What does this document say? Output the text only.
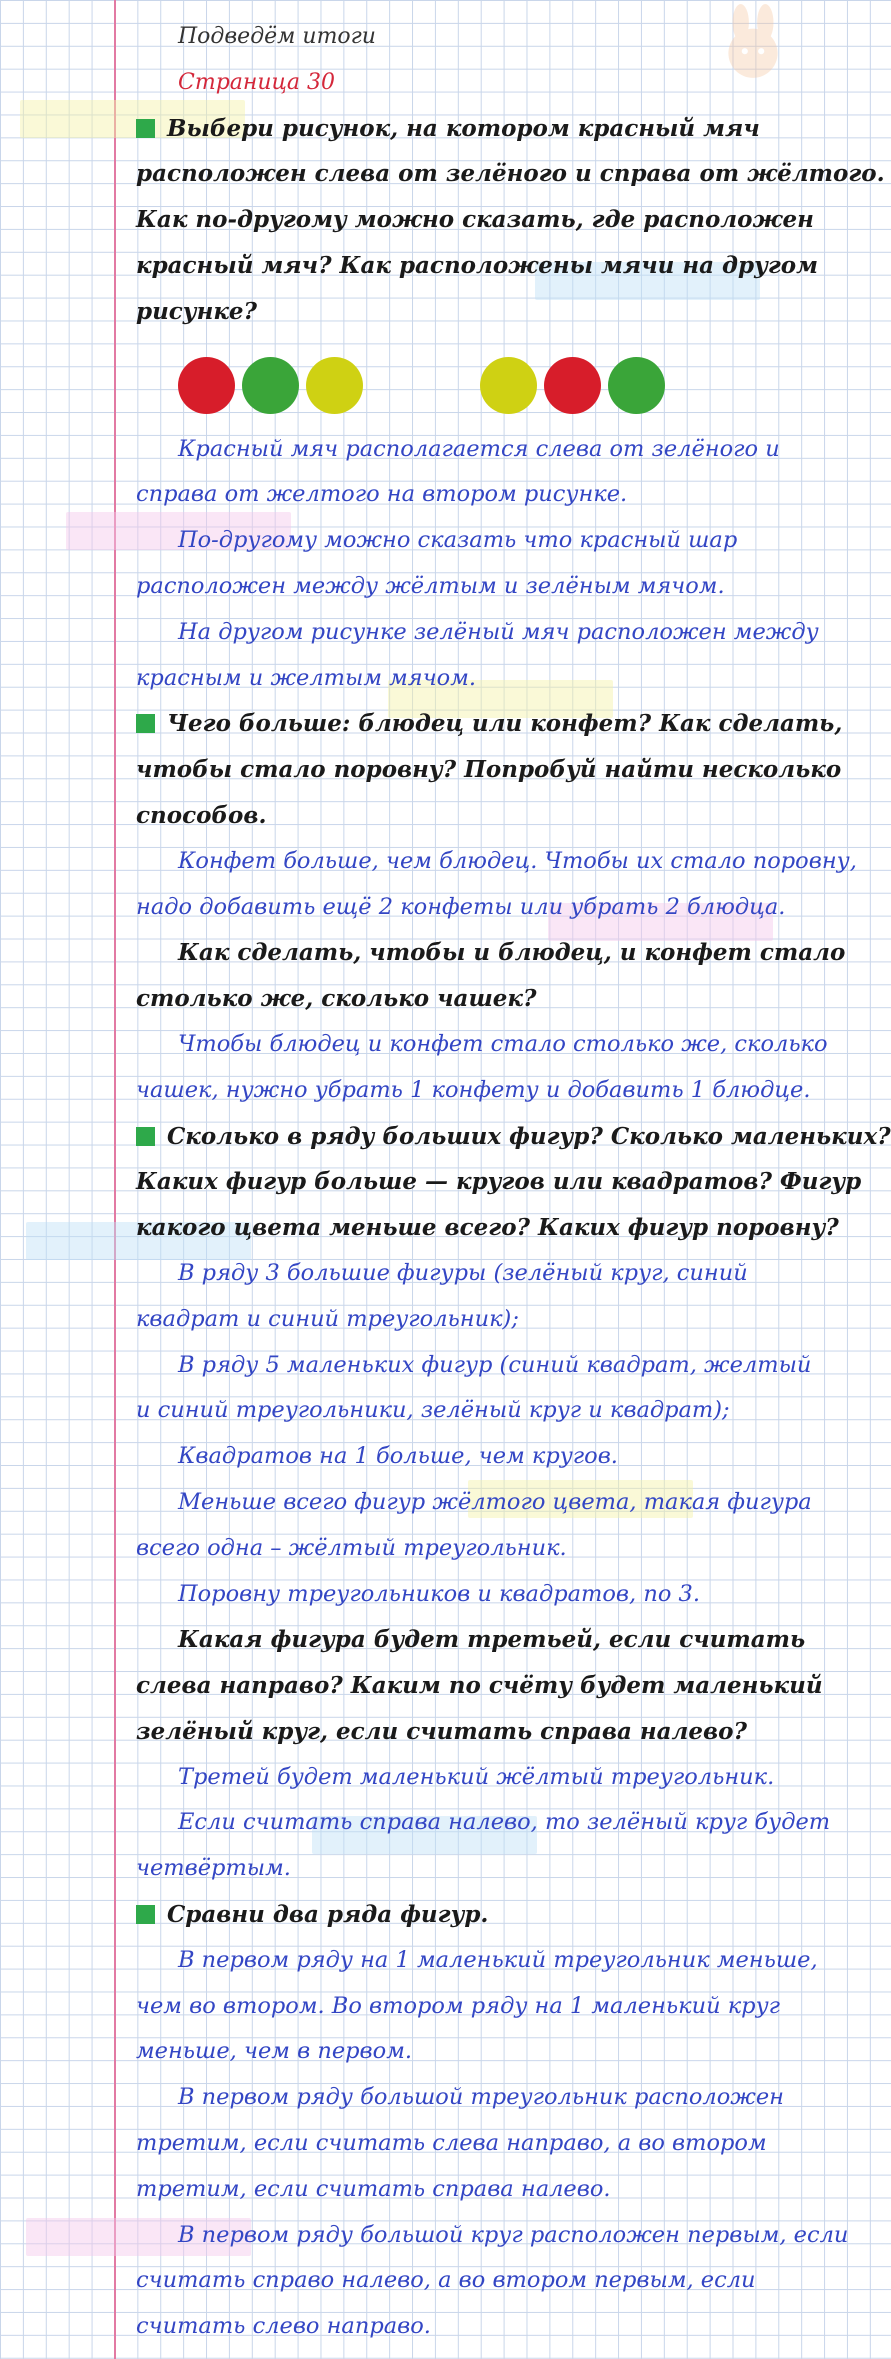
Подведём итоги

Страница 30

Выбери рисунок, на котором красный мяч

расположен слева от зелёного и справа от жёлтого.

Как по-другому можно сказать, где расположен

красный мяч? Как расположены мячи на другом

рисунке?

Красный мяч располагается слева от зелёного и

справа от желтого на втором рисунке.

По-другому можно сказать что красный шар

расположен между жёлтым и зелёным мячом.

На другом рисунке зелёный мяч расположен между

красным и желтым мячом.

Чего больше: блюдец или конфет? Как сделать,

чтобы стало поровну? Попробуй найти несколько

способов.

Конфет больше, чем блюдец. Чтобы их стало поровну,

надо добавить ещё 2 конфеты или убрать 2 блюдца.

Как сделать, чтобы и блюдец, и конфет стало

столько же, сколько чашек?

Чтобы блюдец и конфет стало столько же, сколько

чашек, нужно убрать 1 конфету и добавить 1 блюдце.

Сколько в ряду больших фигур? Сколько маленьких?

Каких фигур больше — кругов или квадратов? Фигур

какого цвета меньше всего? Каких фигур поровну?

В ряду 3 большие фигуры (зелёный круг, синий

квадрат и синий треугольник);

В ряду 5 маленьких фигур (синий квадрат, желтый

и синий треугольники, зелёный круг и квадрат);

Квадратов на 1 больше, чем кругов.

Меньше всего фигур жёлтого цвета, такая фигура

всего одна – жёлтый треугольник.

Поровну треугольников и квадратов, по 3.

Какая фигура будет третьей, если считать

слева направо? Каким по счёту будет маленький

зелёный круг, если считать справа налево?

Третей будет маленький жёлтый треугольник.

Если считать справа налево, то зелёный круг будет

четвёртым.

Сравни два ряда фигур.

В первом ряду на 1 маленький треугольник меньше,

чем во втором. Во втором ряду на 1 маленький круг

меньше, чем в первом.

В первом ряду большой треугольник расположен

третим, если считать слева направо, а во втором

третим, если считать справа налево.

В первом ряду большой круг расположен первым, если

считать справо налево, а во втором первым, если

считать слево направо.
